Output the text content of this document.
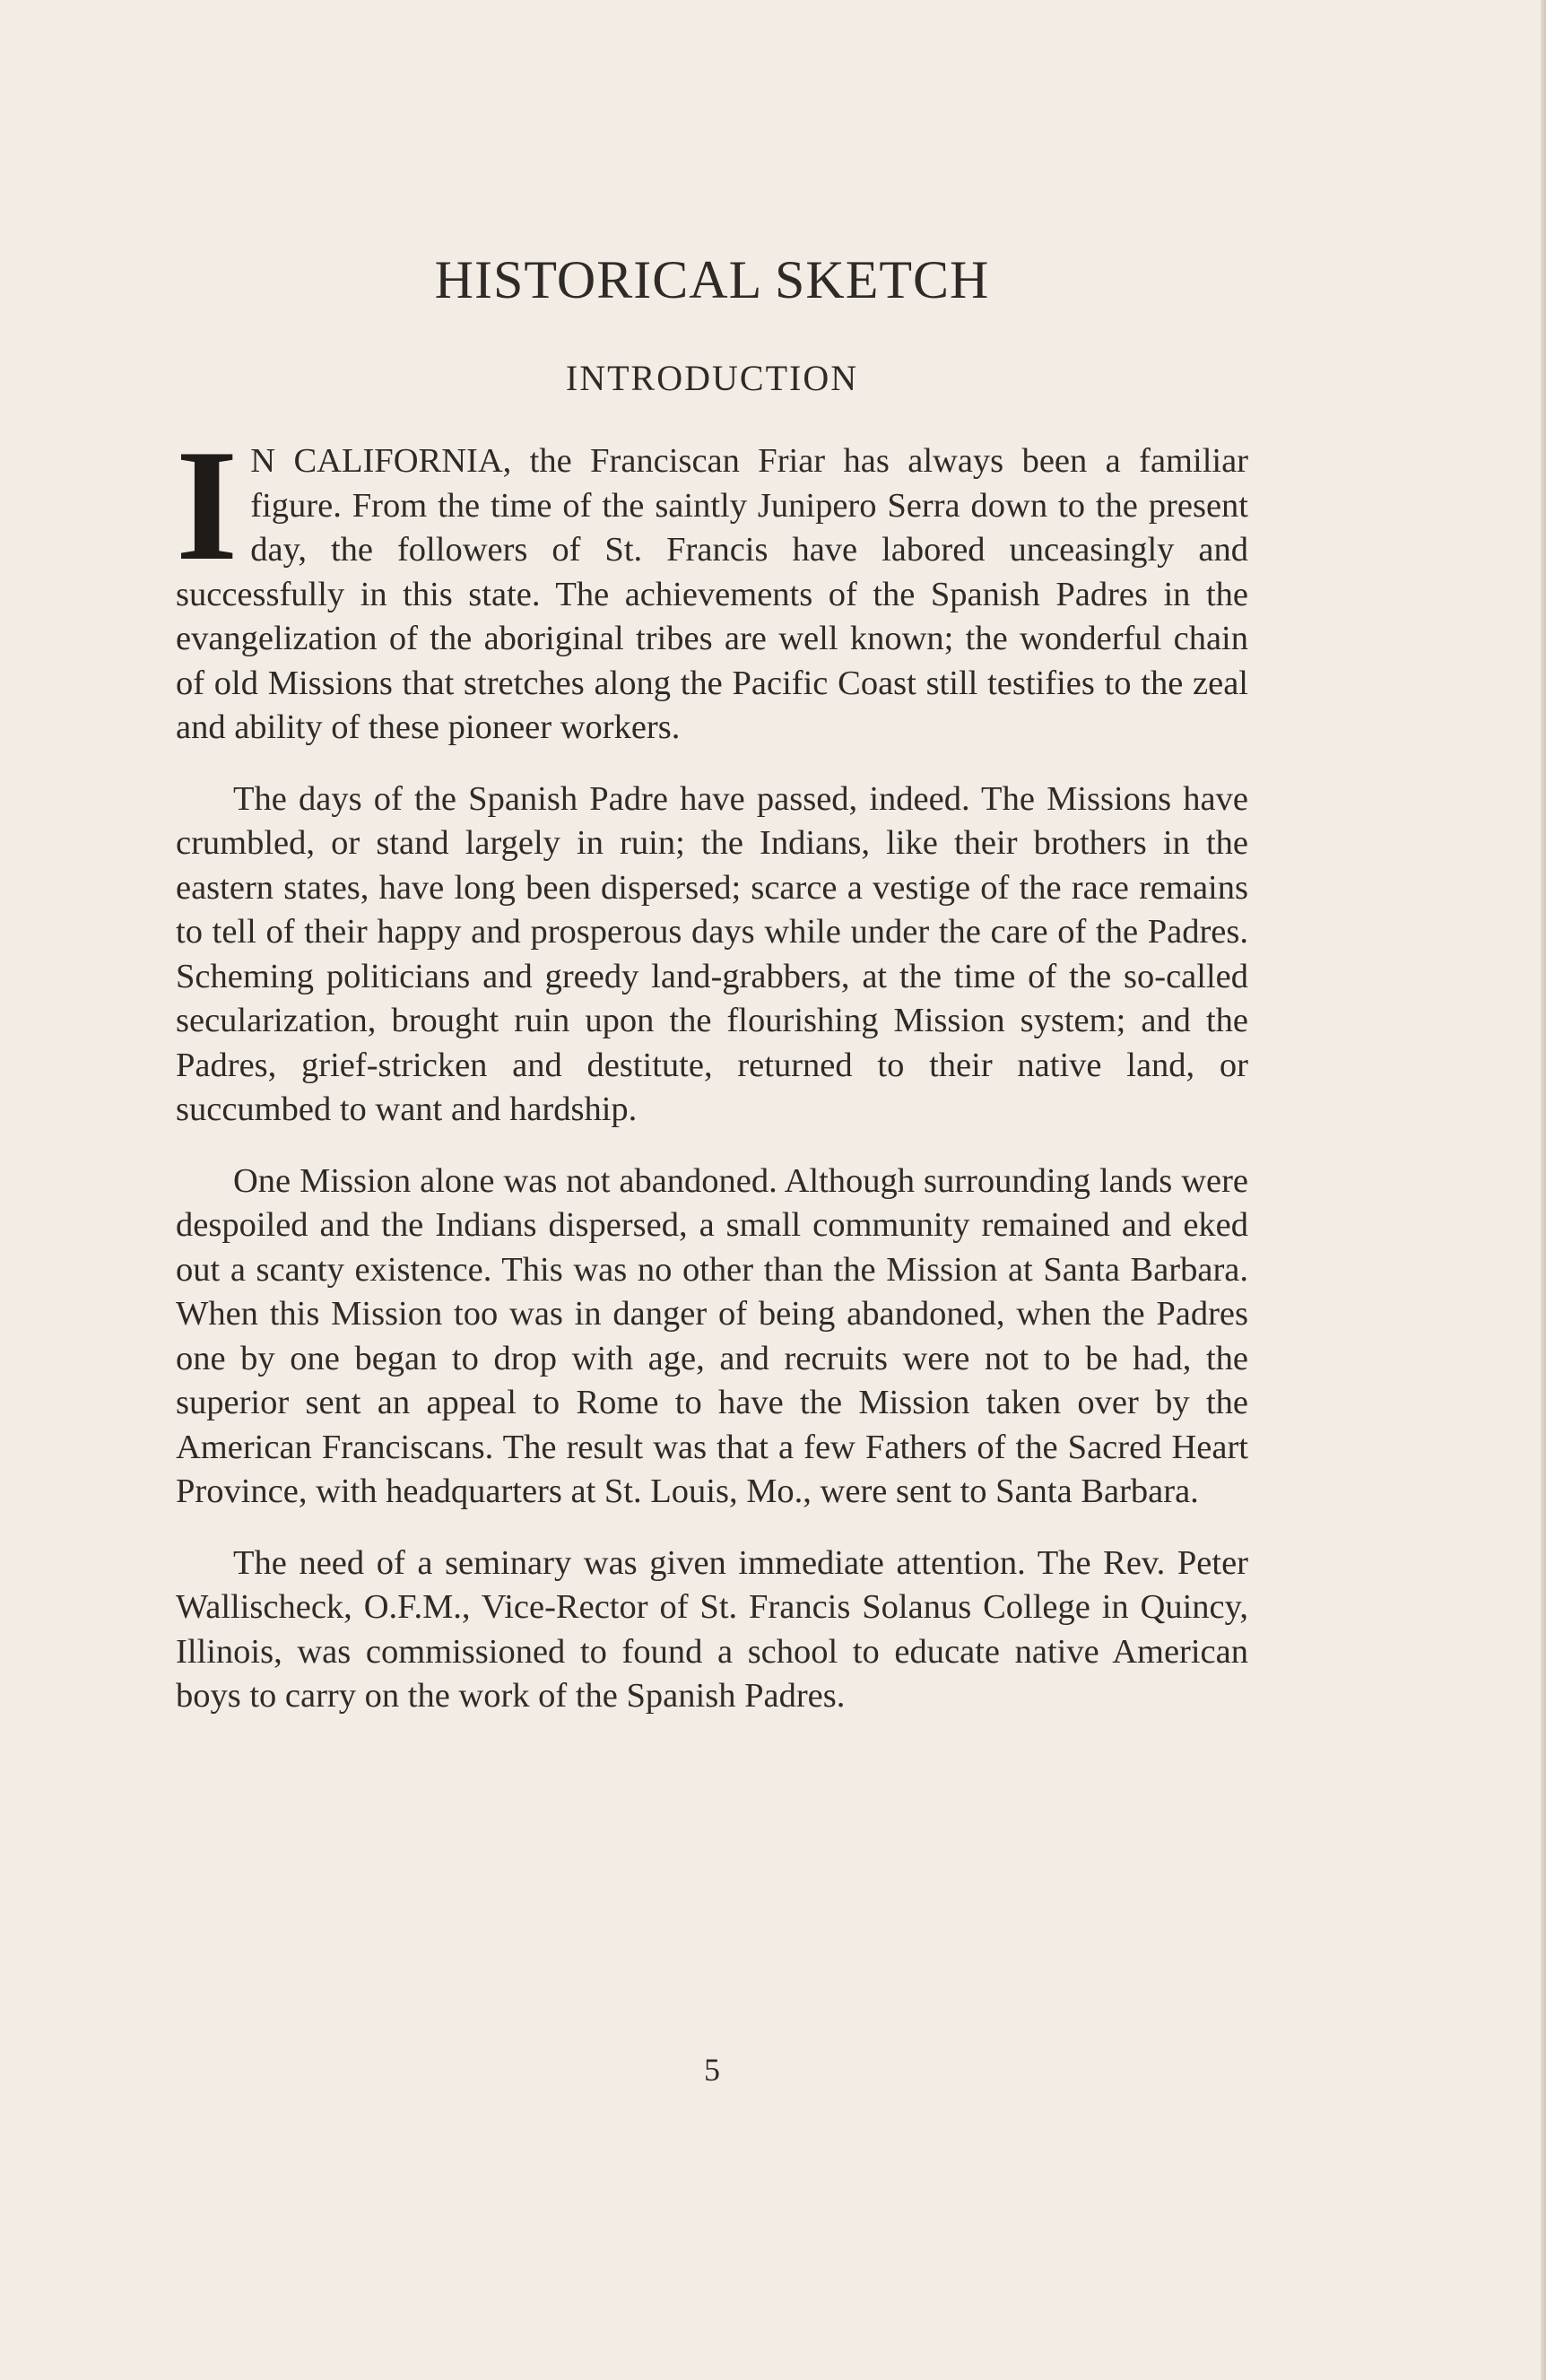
HISTORICAL SKETCH
INTRODUCTION

I N CALIFORNIA, the Franciscan Friar has always been a familiar figure. From the time of the saintly Junipero Serra down to the present day, the followers of St. Francis have labored unceasingly and successfully in this state. The achievements of the Spanish Padres in the evangelization of the aboriginal tribes are well known; the wonderful chain of old Missions that stretches along the Pacific Coast still testifies to the zeal and ability of these pioneer workers.

The days of the Spanish Padre have passed, indeed. The Missions have crumbled, or stand largely in ruin; the Indians, like their brothers in the eastern states, have long been dispersed; scarce a vestige of the race remains to tell of their happy and prosperous days while under the care of the Padres. Scheming politicians and greedy land-grabbers, at the time of the so-called secularization, brought ruin upon the flourishing Mission system; and the Padres, grief-stricken and destitute, returned to their native land, or succumbed to want and hardship.

One Mission alone was not abandoned. Although surrounding lands were despoiled and the Indians dispersed, a small community remained and eked out a scanty existence. This was no other than the Mission at Santa Barbara. When this Mission too was in danger of being abandoned, when the Padres one by one began to drop with age, and recruits were not to be had, the superior sent an appeal to Rome to have the Mission taken over by the American Franciscans. The result was that a few Fathers of the Sacred Heart Province, with headquarters at St. Louis, Mo., were sent to Santa Barbara.

The need of a seminary was given immediate attention. The Rev. Peter Wallischeck, O.F.M., Vice-Rector of St. Francis Solanus College in Quincy, Illinois, was commissioned to found a school to educate native American boys to carry on the work of the Spanish Padres.

5
